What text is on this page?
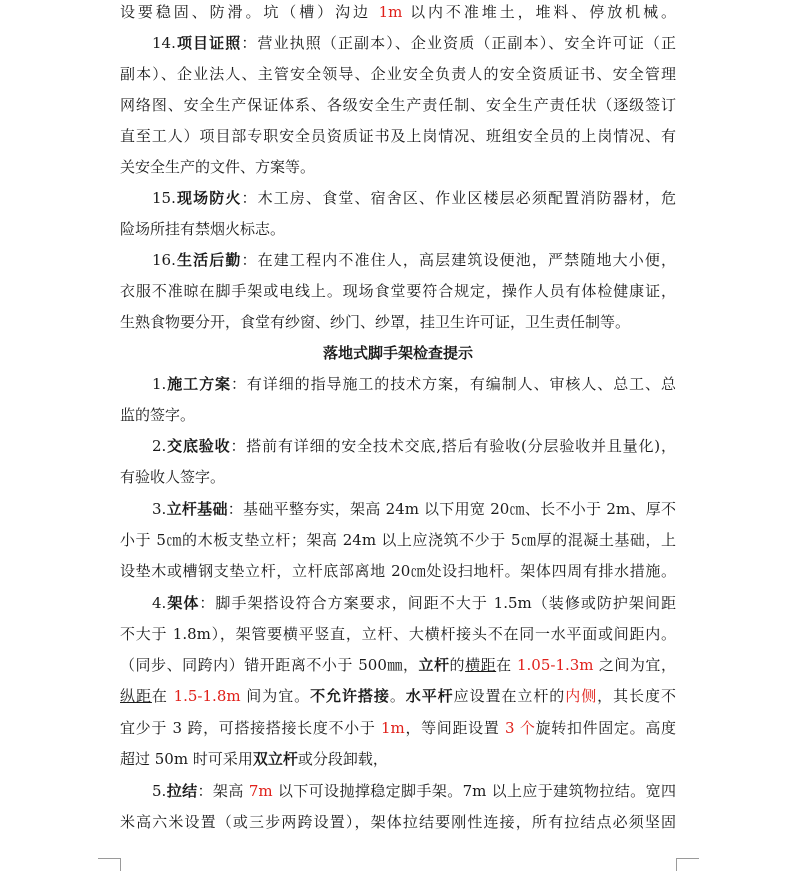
设要稳固、防滑。坑（槽）沟边 1m 以内不准堆土，堆料、停放机械。
14.项目证照：营业执照（正副本）、企业资质（正副本）、安全许可证（正
副本）、企业法人、主管安全领导、企业安全负责人的安全资质证书、安全管理
网络图、安全生产保证体系、各级安全生产责任制、安全生产责任状（逐级签订
直至工人）项目部专职安全员资质证书及上岗情况、班组安全员的上岗情况、有
关安全生产的文件、方案等。
15.现场防火：木工房、食堂、宿舍区、作业区楼层必须配置消防器材，危
险场所挂有禁烟火标志。
16.生活后勤：在建工程内不准住人，高层建筑设便池，严禁随地大小便，
衣服不准晾在脚手架或电线上。现场食堂要符合规定，操作人员有体检健康证，
生熟食物要分开，食堂有纱窗、纱门、纱罩，挂卫生许可证，卫生责任制等。
落地式脚手架检查提示
1.施工方案：有详细的指导施工的技术方案，有编制人、审核人、总工、总
监的签字。
2.交底验收：搭前有详细的安全技术交底,搭后有验收(分层验收并且量化)，
有验收人签字。
3.立杆基础：基础平整夯实，架高 24m 以下用宽 20㎝、长不小于 2m、厚不
小于 5㎝的木板支垫立杆；架高 24m 以上应浇筑不少于 5㎝厚的混凝土基础，上
设垫木或槽钢支垫立杆，立杆底部离地 20㎝处设扫地杆。架体四周有排水措施。
4.架体：脚手架搭设符合方案要求，间距不大于 1.5m（装修或防护架间距
不大于 1.8m），架管要横平竖直，立杆、大横杆接头不在同一水平面或间距内。
（同步、同跨内）错开距离不小于 500㎜，立杆的横距在 1.05-1.3m 之间为宜，
纵距在 1.5-1.8m 间为宜。不允许搭接。水平杆应设置在立杆的内侧，其长度不
宜少于 3 跨，可搭接搭接长度不小于 1m，等间距设置 3 个旋转扣件固定。高度
超过 50m 时可采用双立杆或分段卸载，
5.拉结：架高 7m 以下可设抛撑稳定脚手架。7m 以上应于建筑物拉结。宽四
米高六米设置（或三步两跨设置），架体拉结要刚性连接，所有拉结点必须坚固
